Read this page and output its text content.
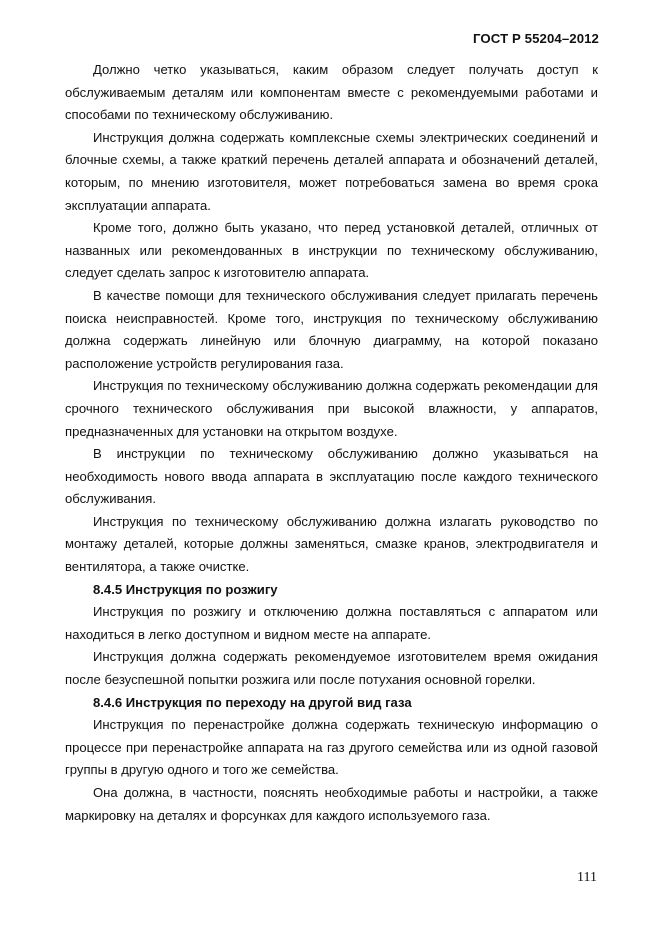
ГОСТ Р 55204–2012

Должно четко указываться, каким образом следует получать доступ к обслуживаемым деталям или компонентам вместе с рекомендуемыми работами и способами по техническому обслуживанию.

Инструкция должна содержать комплексные схемы электрических соединений и блочные схемы, а также краткий перечень деталей аппарата и обозначений деталей, которым, по мнению изготовителя, может потребоваться замена во время срока эксплуатации аппарата.

Кроме того, должно быть указано, что перед установкой деталей, отличных от названных или рекомендованных в инструкции по техническому обслуживанию, следует сделать запрос к изготовителю аппарата.

В качестве помощи для технического обслуживания следует прилагать перечень поиска неисправностей. Кроме того, инструкция по техническому обслуживанию должна содержать линейную или блочную диаграмму, на которой показано расположение устройств регулирования газа.

Инструкция по техническому обслуживанию должна содержать рекомендации для срочного технического обслуживания при высокой влажности, у аппаратов, предназначенных для установки на открытом воздухе.

В инструкции по техническому обслуживанию должно указываться на необходимость нового ввода аппарата в эксплуатацию после каждого технического обслуживания.

Инструкция по техническому обслуживанию должна излагать руководство по монтажу деталей, которые должны заменяться, смазке кранов, электродвигателя и вентилятора, а также очистке.

8.4.5 Инструкция по розжигу

Инструкция по розжигу и отключению должна поставляться с аппаратом или находиться в легко доступном и видном месте на аппарате.

Инструкция должна содержать рекомендуемое изготовителем время ожидания после безуспешной попытки розжига или после потухания основной горелки.

8.4.6 Инструкция по переходу на другой вид газа

Инструкция по перенастройке должна содержать техническую информацию о процессе при перенастройке аппарата на газ другого семейства или из одной газовой группы в другую одного и того же семейства.

Она должна, в частности, пояснять необходимые работы и настройки, а также маркировку на деталях и форсунках для каждого используемого газа.

111
